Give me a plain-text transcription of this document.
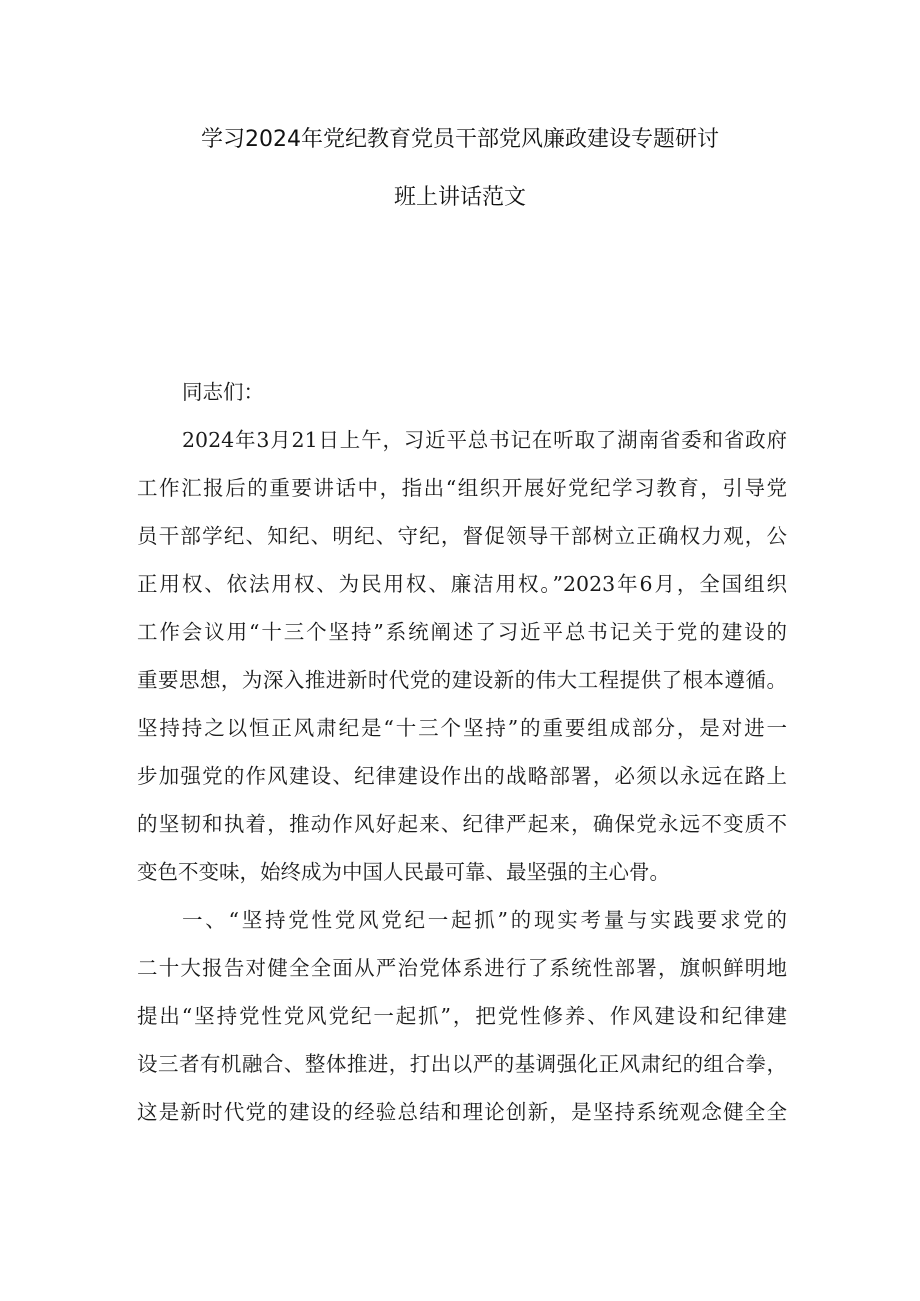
学习2024年党纪教育党员干部党风廉政建设专题研讨
班上讲话范文
同志们：
2024年3月21日上午，习近平总书记在听取了湖南省委和省政府
工作汇报后的重要讲话中，指出“组织开展好党纪学习教育，引导党
员干部学纪、知纪、明纪、守纪，督促领导干部树立正确权力观，公
正用权、依法用权、为民用权、廉洁用权。”2023年6月，全国组织
工作会议用“十三个坚持”系统阐述了习近平总书记关于党的建设的
重要思想，为深入推进新时代党的建设新的伟大工程提供了根本遵循。
坚持持之以恒正风肃纪是“十三个坚持”的重要组成部分，是对进一
步加强党的作风建设、纪律建设作出的战略部署，必须以永远在路上
的坚韧和执着，推动作风好起来、纪律严起来，确保党永远不变质不
变色不变味，始终成为中国人民最可靠、最坚强的主心骨。
一、“坚持党性党风党纪一起抓”的现实考量与实践要求党的
二十大报告对健全全面从严治党体系进行了系统性部署，旗帜鲜明地
提出“坚持党性党风党纪一起抓”，把党性修养、作风建设和纪律建
设三者有机融合、整体推进，打出以严的基调强化正风肃纪的组合拳，
这是新时代党的建设的经验总结和理论创新，是坚持系统观念健全全
